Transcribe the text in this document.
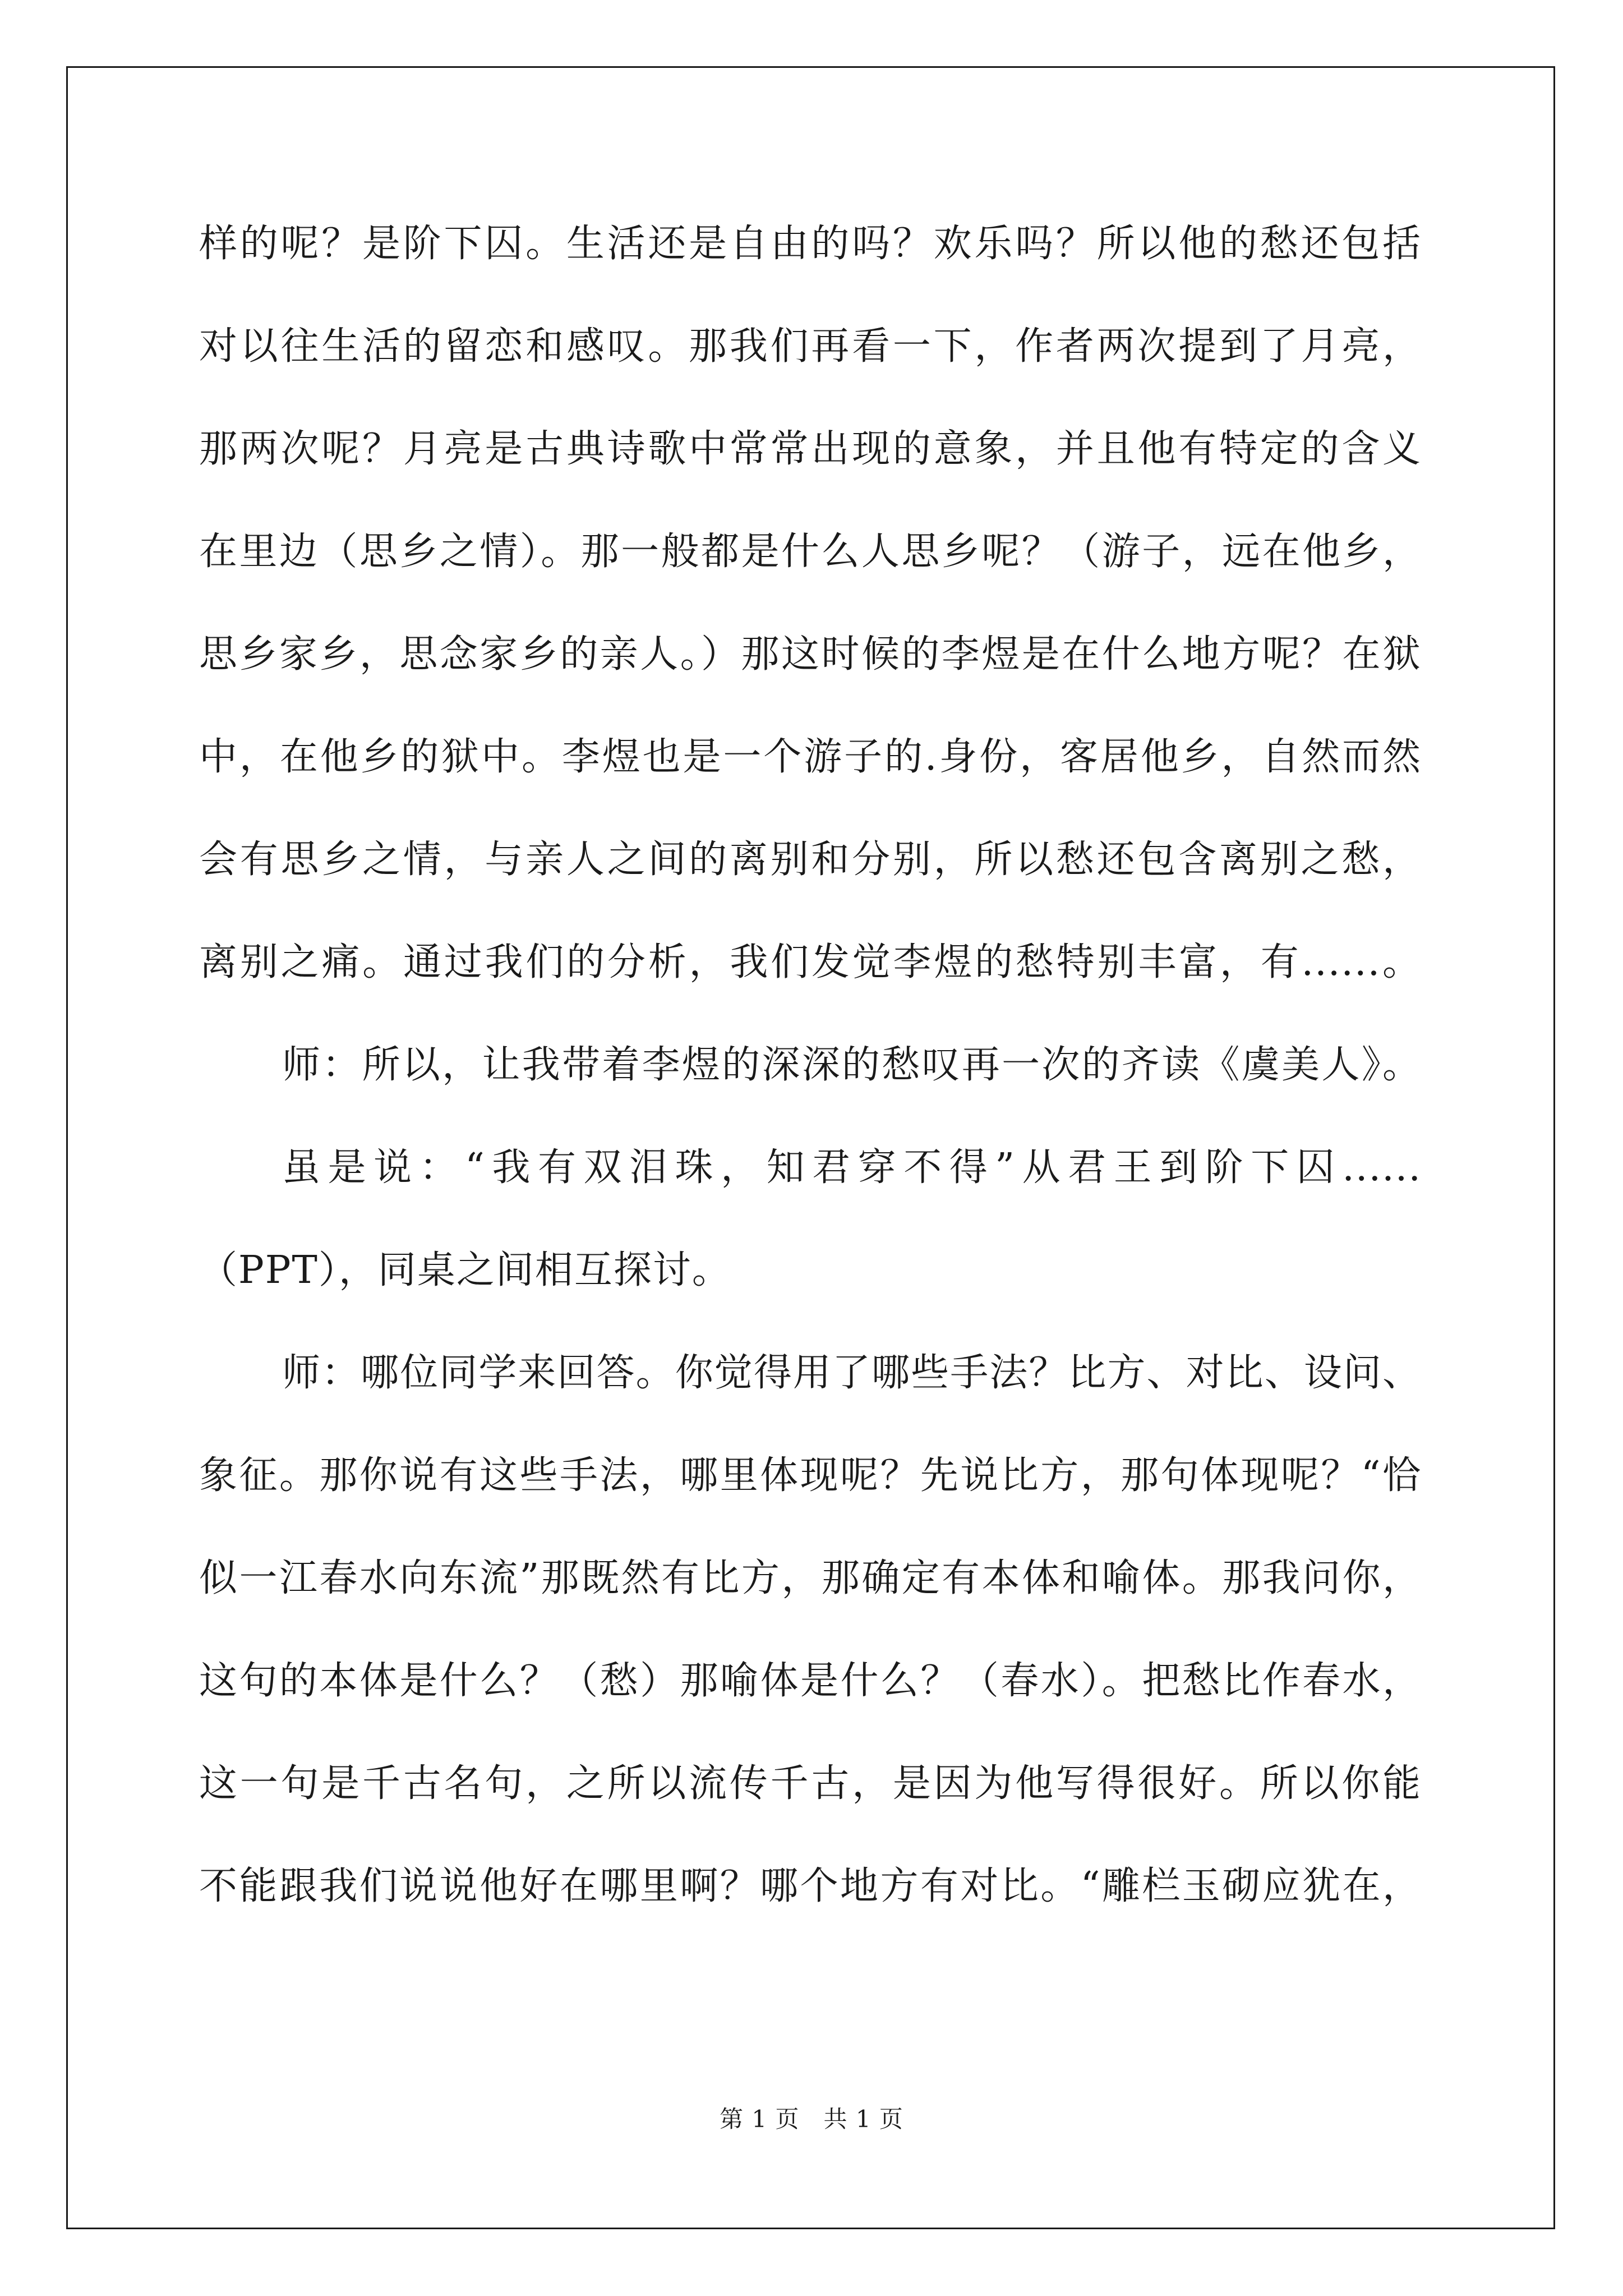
样的呢？是阶下囚。生活还是自由的吗？欢乐吗？所以他的愁还包括
对以往生活的留恋和感叹。那我们再看一下，作者两次提到了月亮，
那两次呢？月亮是古典诗歌中常常出现的意象，并且他有特定的含义
在里边（思乡之情）。那一般都是什么人思乡呢？（游子，远在他乡，
思乡家乡，思念家乡的亲人。）那这时候的李煜是在什么地方呢？在狱
中，在他乡的狱中。李煜也是一个游子的.身份，客居他乡，自然而然
会有思乡之情，与亲人之间的离别和分别，所以愁还包含离别之愁，
离别之痛。通过我们的分析，我们发觉李煜的愁特别丰富，有......。
师：所以，让我带着李煜的深深的愁叹再一次的齐读《虞美人》。
虽是说：“我有双泪珠，知君穿不得”从君王到阶下囚......
（PPT），同桌之间相互探讨。
师：哪位同学来回答。你觉得用了哪些手法？比方、对比、设问、
象征。那你说有这些手法，哪里体现呢？先说比方，那句体现呢？“恰
似一江春水向东流”那既然有比方，那确定有本体和喻体。那我问你，
这句的本体是什么？（愁）那喻体是什么？（春水）。把愁比作春水，
这一句是千古名句，之所以流传千古，是因为他写得很好。所以你能
不能跟我们说说他好在哪里啊？哪个地方有对比。“雕栏玉砌应犹在，
第 1 页　共 1 页
